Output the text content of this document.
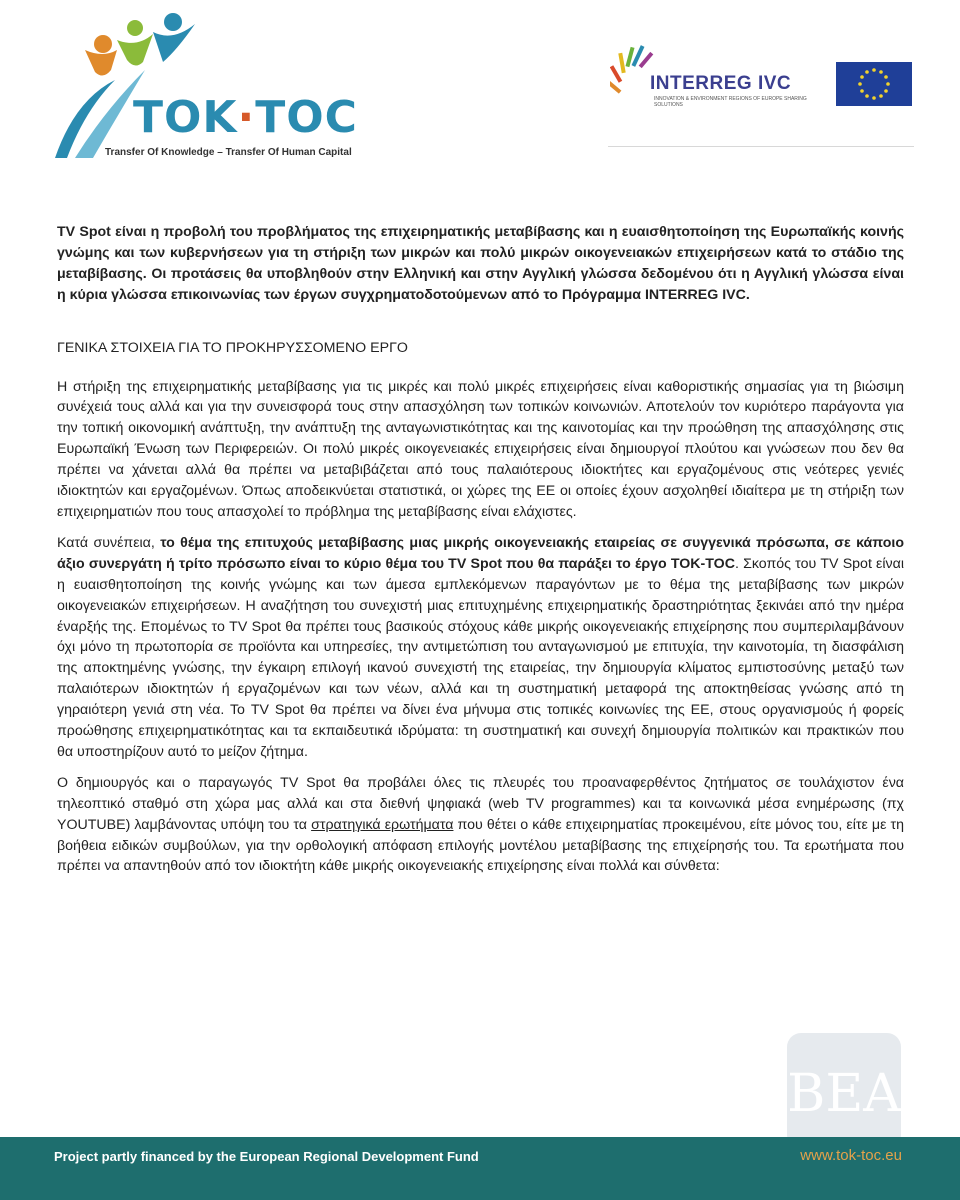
TOK·TOC
Transfer Of Knowledge – Transfer Of Human Capital
INTERREG IVC
INNOVATION & ENVIRONMENT REGIONS OF EUROPE SHARING SOLUTIONS

TV Spot είναι η προβολή του προβλήματος της επιχειρηματικής μεταβίβασης και η ευαισθητοποίηση της Ευρωπαϊκής κοινής γνώμης και των κυβερνήσεων για τη στήριξη των μικρών και πολύ μικρών οικογενειακών επιχειρήσεων κατά το στάδιο της μεταβίβασης. Οι προτάσεις θα υποβληθούν στην Ελληνική και στην Αγγλική γλώσσα δεδομένου ότι η Αγγλική γλώσσα είναι η κύρια γλώσσα επικοινωνίας των έργων συγχρηματοδοτούμενων από το Πρόγραμμα INTERREG IVC.

ΓΕΝΙΚΑ ΣΤΟΙΧΕΙΑ ΓΙΑ ΤΟ ΠΡΟΚΗΡΥΣΣΟΜΕΝΟ ΕΡΓΟ

Η στήριξη της επιχειρηματικής μεταβίβασης για τις μικρές και πολύ μικρές επιχειρήσεις είναι καθοριστικής σημασίας για τη βιώσιμη συνέχειά τους αλλά και για την συνεισφορά τους στην απασχόληση των τοπικών κοινωνιών. Αποτελούν τον κυριότερο παράγοντα για την τοπική οικονομική ανάπτυξη, την ανάπτυξη της ανταγωνιστικότητας και της καινοτομίας και την προώθηση της απασχόλησης στις Ευρωπαϊκή Ένωση των Περιφερειών. Οι πολύ μικρές οικογενειακές επιχειρήσεις είναι δημιουργοί πλούτου και γνώσεων που δεν θα πρέπει να χάνεται αλλά θα πρέπει να μεταβιβάζεται από τους παλαιότερους ιδιοκτήτες και εργαζομένους στις νεότερες γενιές ιδιοκτητών και εργαζομένων. Όπως αποδεικνύεται στατιστικά, οι χώρες της ΕΕ οι οποίες έχουν ασχοληθεί ιδιαίτερα με τη στήριξη των επιχειρηματιών που τους απασχολεί το πρόβλημα της μεταβίβασης είναι ελάχιστες.

Κατά συνέπεια, το θέμα της επιτυχούς μεταβίβασης μιας μικρής οικογενειακής εταιρείας σε συγγενικά πρόσωπα, σε κάποιο άξιο συνεργάτη ή τρίτο πρόσωπο είναι το κύριο θέμα του TV Spot που θα παράξει το έργο TOK-TOC. Σκοπός του TV Spot είναι η ευαισθητοποίηση της κοινής γνώμης και των άμεσα εμπλεκόμενων παραγόντων με το θέμα της μεταβίβασης των μικρών οικογενειακών επιχειρήσεων. Η αναζήτηση του συνεχιστή μιας επιτυχημένης επιχειρηματικής δραστηριότητας ξεκινάει από την ημέρα έναρξής της. Επομένως το TV Spot θα πρέπει τους βασικούς στόχους κάθε μικρής οικογενειακής επιχείρησης που συμπεριλαμβάνουν όχι μόνο τη πρωτοπορία σε προϊόντα και υπηρεσίες, την αντιμετώπιση του ανταγωνισμού με επιτυχία, την καινοτομία, τη διασφάλιση της αποκτημένης γνώσης, την έγκαιρη επιλογή ικανού συνεχιστή της εταιρείας, την δημιουργία κλίματος εμπιστοσύνης μεταξύ των παλαιότερων ιδιοκτητών ή εργαζομένων και των νέων, αλλά και τη συστηματική μεταφορά της αποκτηθείσας γνώσης από τη γηραιότερη γενιά στη νέα. Το TV Spot θα πρέπει να δίνει ένα μήνυμα στις τοπικές κοινωνίες της ΕΕ, στους οργανισμούς ή φορείς προώθησης επιχειρηματικότητας και τα εκπαιδευτικά ιδρύματα: τη συστηματική και συνεχή δημιουργία πολιτικών και πρακτικών που θα υποστηρίζουν αυτό το μείζον ζήτημα.

Ο δημιουργός και ο παραγωγός TV Spot θα προβάλει όλες τις πλευρές του προαναφερθέντος ζητήματος σε τουλάχιστον ένα τηλεοπτικό σταθμό στη χώρα μας αλλά και στα διεθνή ψηφιακά (web TV programmes) και τα κοινωνικά μέσα ενημέρωσης (πχ YOUTUBE) λαμβάνοντας υπόψη του τα στρατηγικά ερωτήματα που θέτει ο κάθε επιχειρηματίας προκειμένου, είτε μόνος του, είτε με τη βοήθεια ειδικών συμβούλων, για την ορθολογική απόφαση επιλογής μοντέλου μεταβίβασης της επιχείρησής του. Τα ερωτήματα που πρέπει να απαντηθούν από τον ιδιοκτήτη κάθε μικρής οικογενειακής επιχείρησης είναι πολλά και σύνθετα:

BEA
Project partly financed by the European Regional Development Fund	www.tok-toc.eu
